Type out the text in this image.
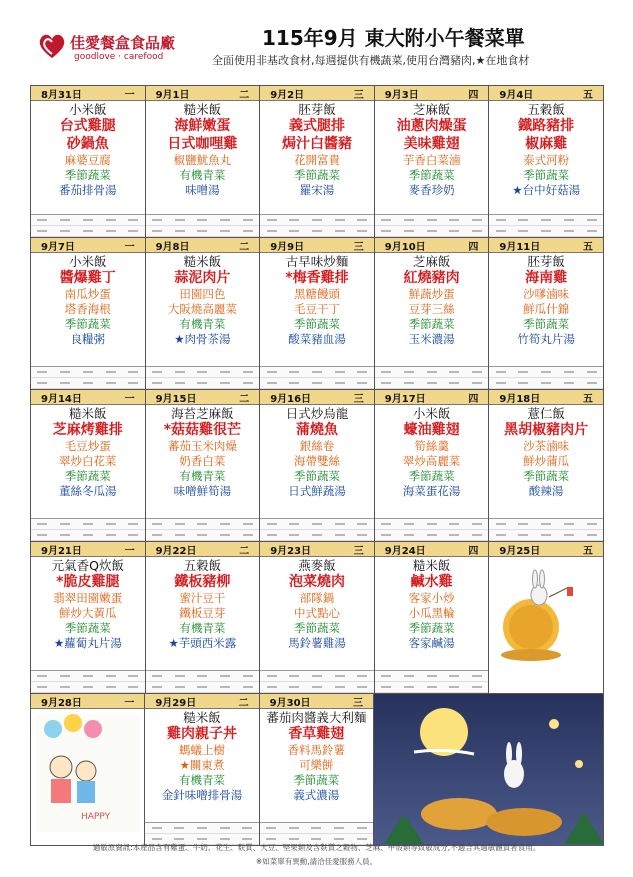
佳愛餐盒食品廠
goodlove · carefood
115年9月 東大附小午餐菜單
全面使用非基改食材,每週提供有機蔬菜,使用台灣豬肉,★在地食材
8月31日	一
小米飯
台式雞腿
砂鍋魚
麻婆豆腐
季節蔬菜
番茄排骨湯
9月1日	二
糙米飯
海鮮嫩蛋
日式咖哩雞
椒鹽魷魚丸
有機青菜
味噌湯
9月2日	三
胚芽飯
義式腿排
焗汁白醬豬
花開富貴
季節蔬菜
羅宋湯
9月3日	四
芝麻飯
油蔥肉燥蛋
美味雞翅
芋香白菜滷
季節蔬菜
麥香珍奶
9月4日	五
五穀飯
鐵路豬排
椒麻雞
泰式河粉
季節蔬菜
★台中好菇湯
9月7日	一
小米飯
醬爆雞丁
南瓜炒蛋
塔香海根
季節蔬菜
良糧粥
9月8日	二
糙米飯
蒜泥肉片
田園四色
大阪燒高麗菜
有機青菜
★肉骨茶湯
9月9日	三
古早味炒麵
*梅香雞排
黑糖饅頭
毛豆干丁
季節蔬菜
酸菜豬血湯
9月10日	四
芝麻飯
紅燒豬肉
鮮蔬炒蛋
豆芽三絲
季節蔬菜
玉米濃湯
9月11日	五
胚芽飯
海南雞
沙嗲滷味
鮮瓜什錦
季節蔬菜
竹筍丸片湯
9月14日	一
糙米飯
芝麻烤雞排
毛豆炒蛋
翠炒白花菜
季節蔬菜
董絲冬瓜湯
9月15日	二
海苔芝麻飯
*菇菇雞很芒
蕃茄玉米肉燥
奶香白菜
有機青菜
味噌鮮筍湯
9月16日	三
日式炒烏龍
蒲燒魚
銀絲卷
海帶雙絲
季節蔬菜
日式鮮蔬湯
9月17日	四
小米飯
蠔油雞翅
筍絲羹
翠炒高麗菜
季節蔬菜
海菜蛋花湯
9月18日	五
薏仁飯
黑胡椒豬肉片
沙茶滷味
鮮炒蒲瓜
季節蔬菜
酸辣湯
9月21日	一
元氣香Q炊飯
*脆皮雞腿
翡翠田園嫩蛋
鮮炒大黃瓜
季節蔬菜
★蘿蔔丸片湯
9月22日	二
五穀飯
鐵板豬柳
蜜汁豆干
鐵板豆芽
有機青菜
★芋頭西米露
9月23日	三
燕麥飯
泡菜燒肉
部隊鍋
中式點心
季節蔬菜
馬鈴薯雞湯
9月24日	四
糙米飯
鹹水雞
客家小炒
小瓜黑輪
季節蔬菜
客家鹹湯
9月25日	五
9月28日	一
HAPPY
9月29日	二
糙米飯
雞肉親子丼
螞蟻上樹
★關東煮
有機青菜
金針味噌排骨湯
9月30日	三
蕃茄肉醬義大利麵
香草雞翅
香料馬鈴薯
可樂餅
季節蔬菜
義式濃湯
過敏原資訊:本產品含有雞蛋、牛奶、花生、麩質、大豆、堅果類及含麩質之穀物、芝麻、甲殼類等致敏成分,不適合其過敏體質者食用。
※如菜單有異動,請洽佳愛服務人員。
